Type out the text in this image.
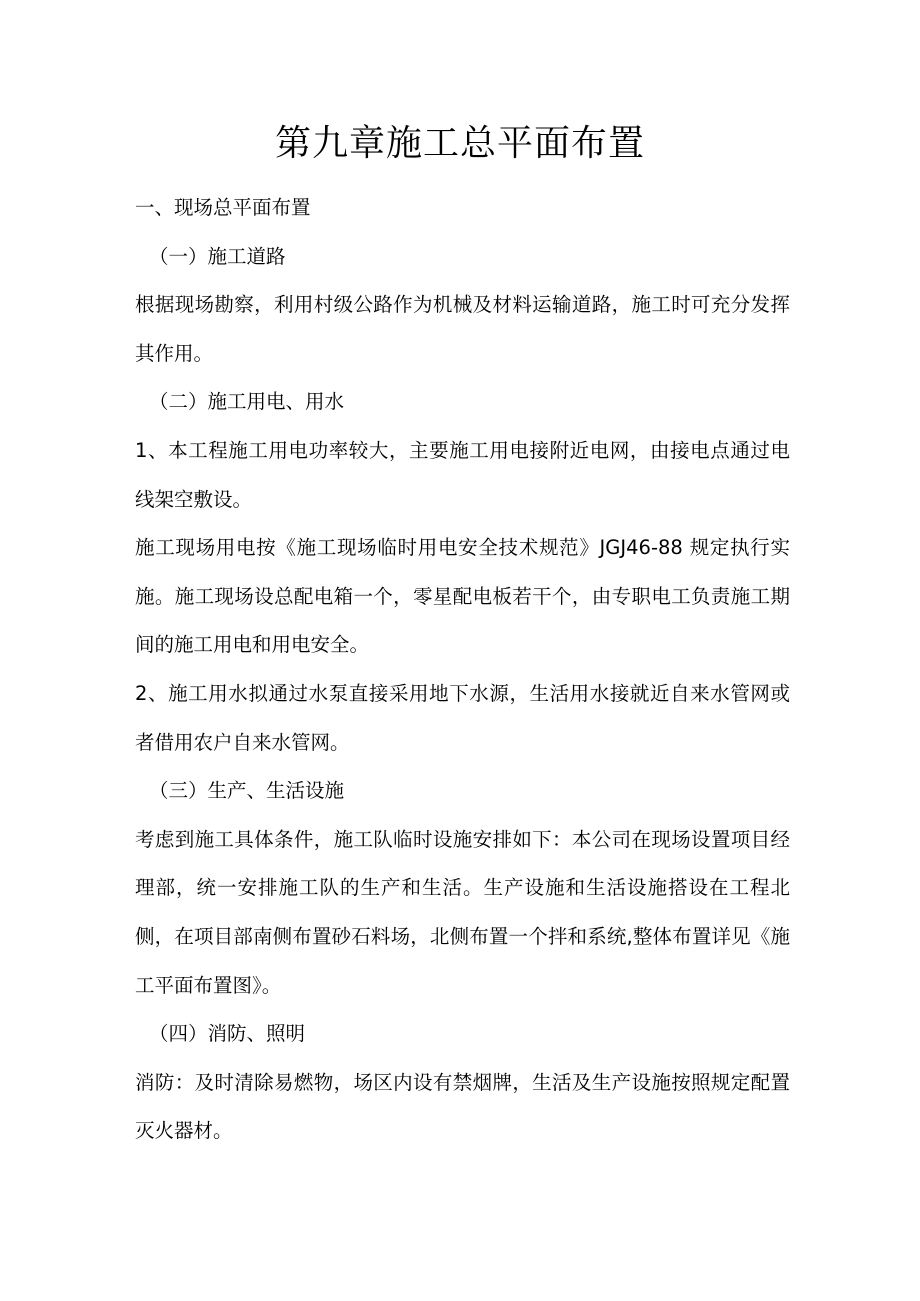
第九章施工总平面布置

一、现场总平面布置

（一）施工道路

根据现场勘察，利用村级公路作为机械及材料运输道路，施工时可充分发挥其作用。

（二）施工用电、用水

1、本工程施工用电功率较大，主要施工用电接附近电网，由接电点通过电线架空敷设。

施工现场用电按《施工现场临时用电安全技术规范》JGJ46-88 规定执行实施。施工现场设总配电箱一个，零星配电板若干个，由专职电工负责施工期间的施工用电和用电安全。

2、施工用水拟通过水泵直接采用地下水源，生活用水接就近自来水管网或者借用农户自来水管网。

（三）生产、生活设施

考虑到施工具体条件，施工队临时设施安排如下：本公司在现场设置项目经理部，统一安排施工队的生产和生活。生产设施和生活设施搭设在工程北侧，在项目部南侧布置砂石料场，北侧布置一个拌和系统,整体布置详见《施工平面布置图》。

（四）消防、照明

消防：及时清除易燃物，场区内设有禁烟牌，生活及生产设施按照规定配置灭火器材。
